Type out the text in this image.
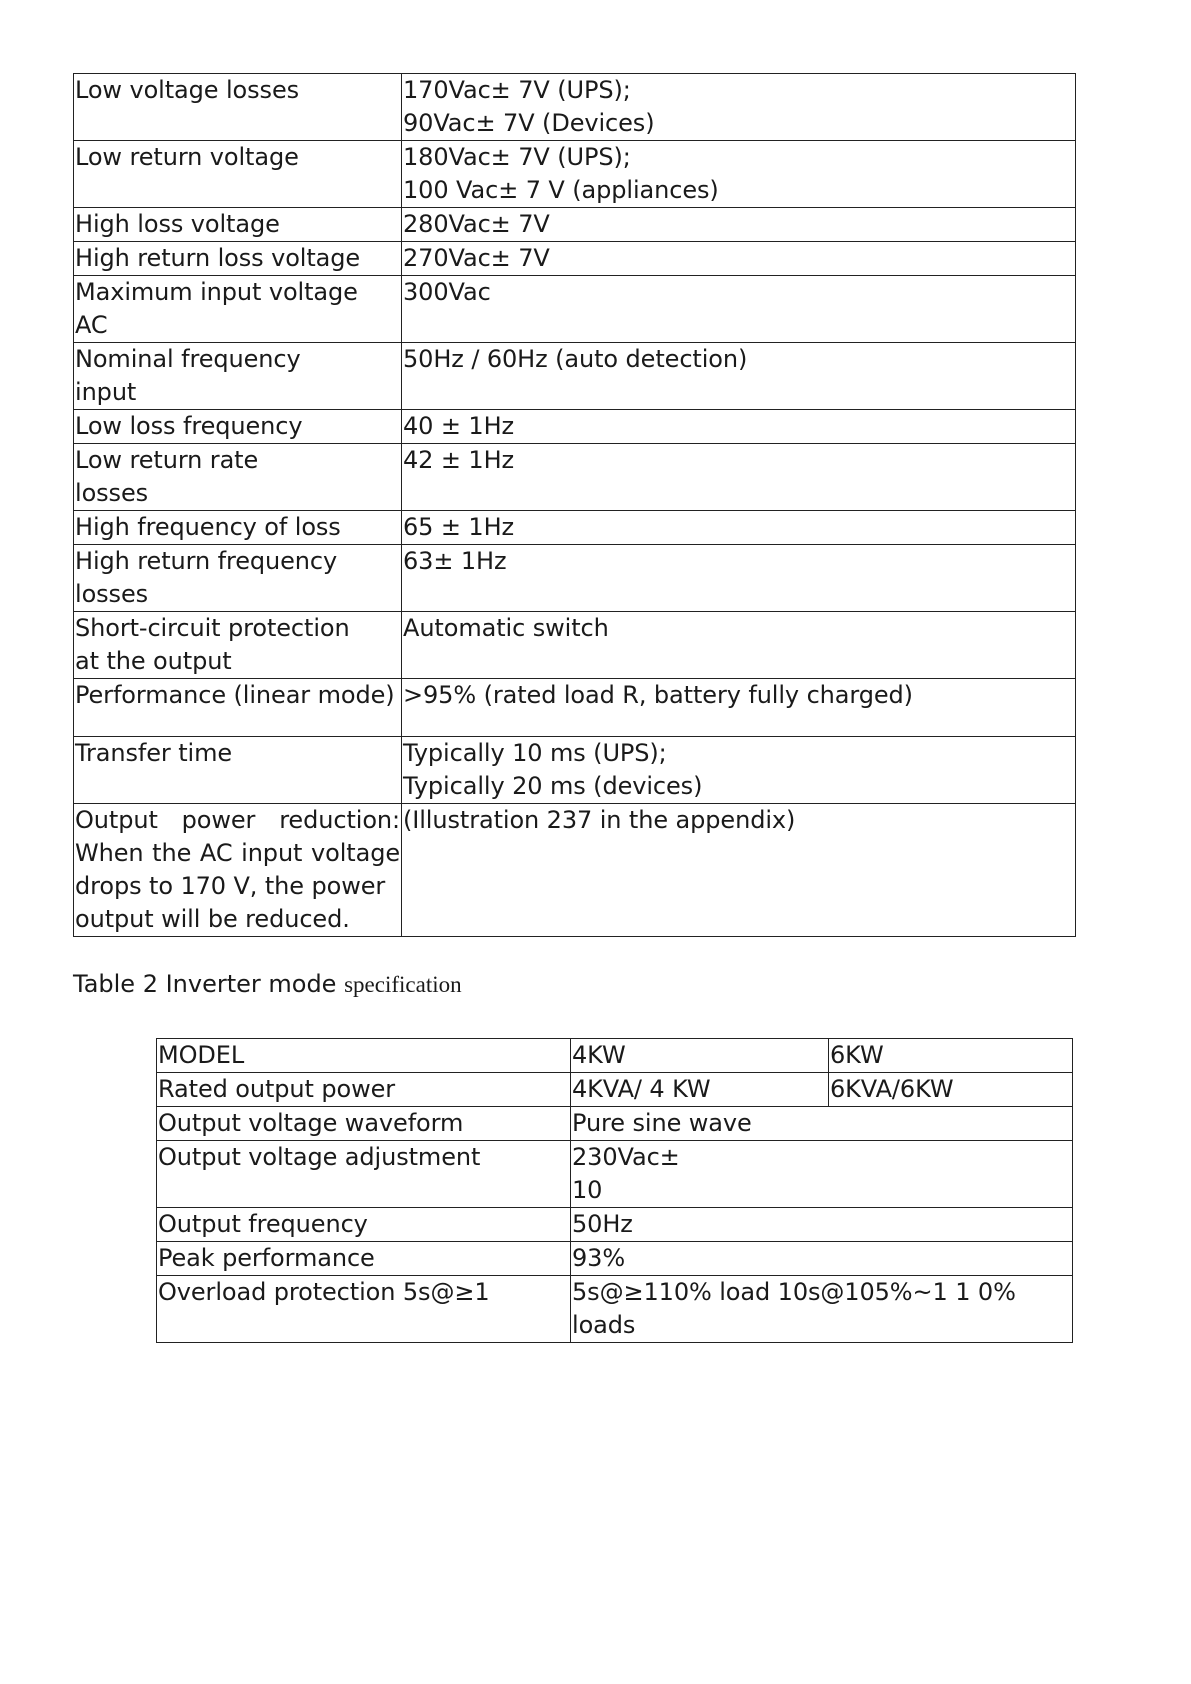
Low voltage losses	170Vac± 7V (UPS);
90Vac± 7V (Devices)

Low return voltage	180Vac± 7V (UPS);
100 Vac± 7 V (appliances)

High loss voltage	280Vac± 7V

High return loss voltage	270Vac± 7V

Maximum input voltage
AC	300Vac

Nominal frequency
input	50Hz / 60Hz (auto detection)

Low loss frequency	40 ± 1Hz

Low return rate
losses	42 ± 1Hz

High frequency of loss	65 ± 1Hz

High return frequency
losses	63± 1Hz

Short-circuit protection
at the output	Automatic switch

Performance (linear mode)	>95% (rated load R, battery fully charged)

Transfer time	Typically 10 ms (UPS);
Typically 20 ms (devices)

Output power reduction:
When the AC input voltage
drops to 170 V, the power
output will be reduced.	(Illustration 237 in the appendix)
Table 2 Inverter mode specification
MODEL	4KW	6KW
Rated output power	4KVA/ 4 KW	6KVA/6KW
Output voltage waveform	Pure sine wave	
Output voltage adjustment	230Vac±
10	

Output frequency	50Hz	
Peak performance	93%	
Overload protection 5s@≥1	5s@≥110% load 10s@105%~1 1 0%
loads	
